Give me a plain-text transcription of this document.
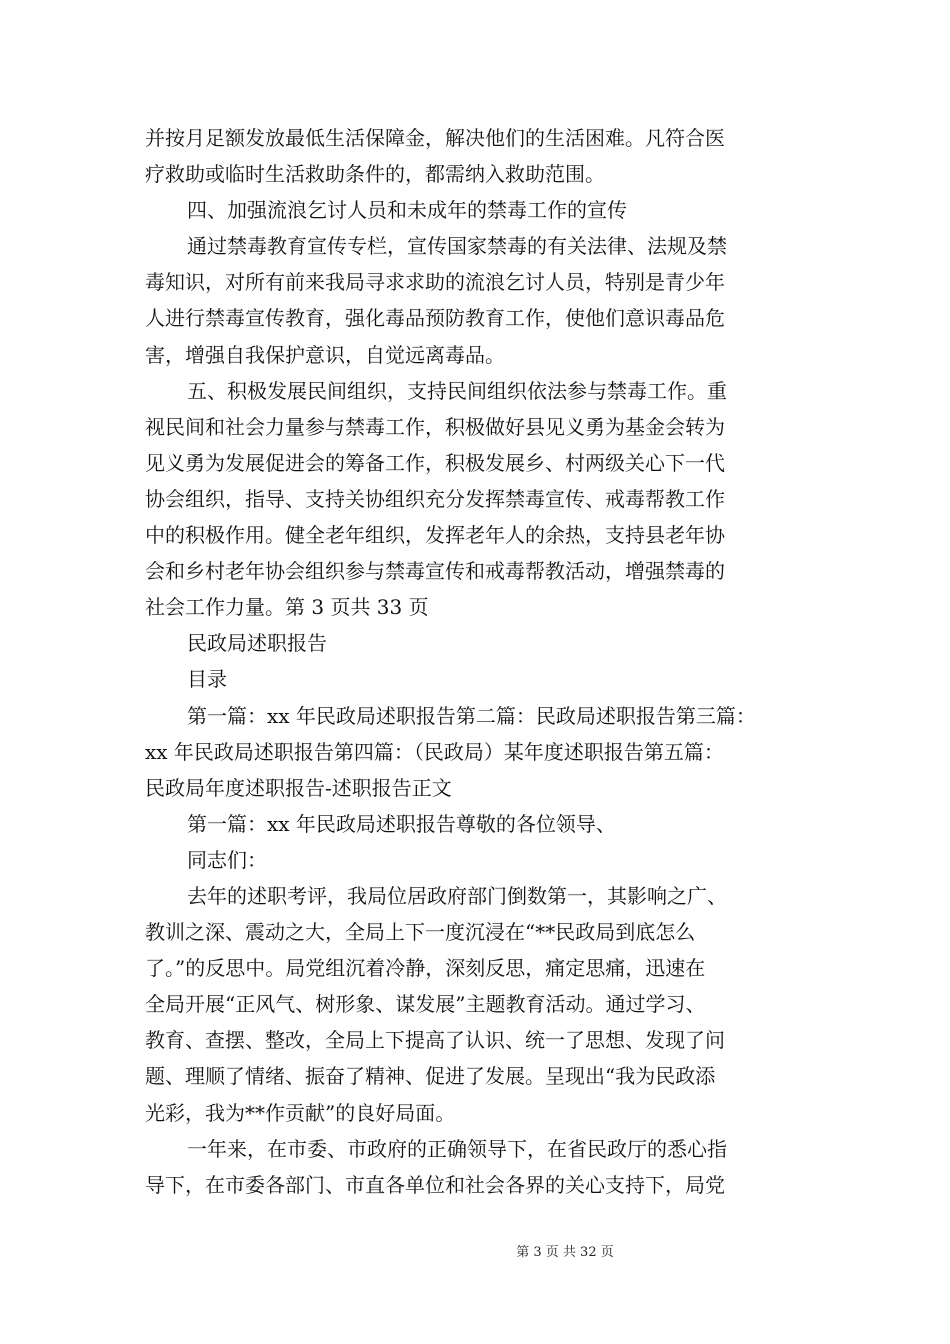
并按月足额发放最低生活保障金，解决他们的生活困难。凡符合医
疗救助或临时生活救助条件的，都需纳入救助范围。
四、加强流浪乞讨人员和未成年的禁毒工作的宣传
通过禁毒教育宣传专栏，宣传国家禁毒的有关法律、法规及禁
毒知识，对所有前来我局寻求求助的流浪乞讨人员，特别是青少年
人进行禁毒宣传教育，强化毒品预防教育工作，使他们意识毒品危
害，增强自我保护意识，自觉远离毒品。
五、积极发展民间组织，支持民间组织依法参与禁毒工作。重
视民间和社会力量参与禁毒工作，积极做好县见义勇为基金会转为
见义勇为发展促进会的筹备工作，积极发展乡、村两级关心下一代
协会组织，指导、支持关协组织充分发挥禁毒宣传、戒毒帮教工作
中的积极作用。健全老年组织，发挥老年人的余热，支持县老年协
会和乡村老年协会组织参与禁毒宣传和戒毒帮教活动，增强禁毒的
社会工作力量。第 3 页共 33 页
民政局述职报告
目录
第一篇：xx 年民政局述职报告第二篇：民政局述职报告第三篇：
xx 年民政局述职报告第四篇：（民政局）某年度述职报告第五篇：
民政局年度述职报告-述职报告正文
第一篇：xx 年民政局述职报告尊敬的各位领导、
同志们：
去年的述职考评，我局位居政府部门倒数第一，其影响之广、
教训之深、震动之大，全局上下一度沉浸在“**民政局到底怎么
了。”的反思中。局党组沉着冷静，深刻反思，痛定思痛，迅速在
全局开展“正风气、树形象、谋发展”主题教育活动。通过学习、
教育、查摆、整改，全局上下提高了认识、统一了思想、发现了问
题、理顺了情绪、振奋了精神、促进了发展。呈现出“我为民政添
光彩，我为**作贡献”的良好局面。
一年来，在市委、市政府的正确领导下，在省民政厅的悉心指
导下，在市委各部门、市直各单位和社会各界的关心支持下，局党
第 3 页 共 32 页
